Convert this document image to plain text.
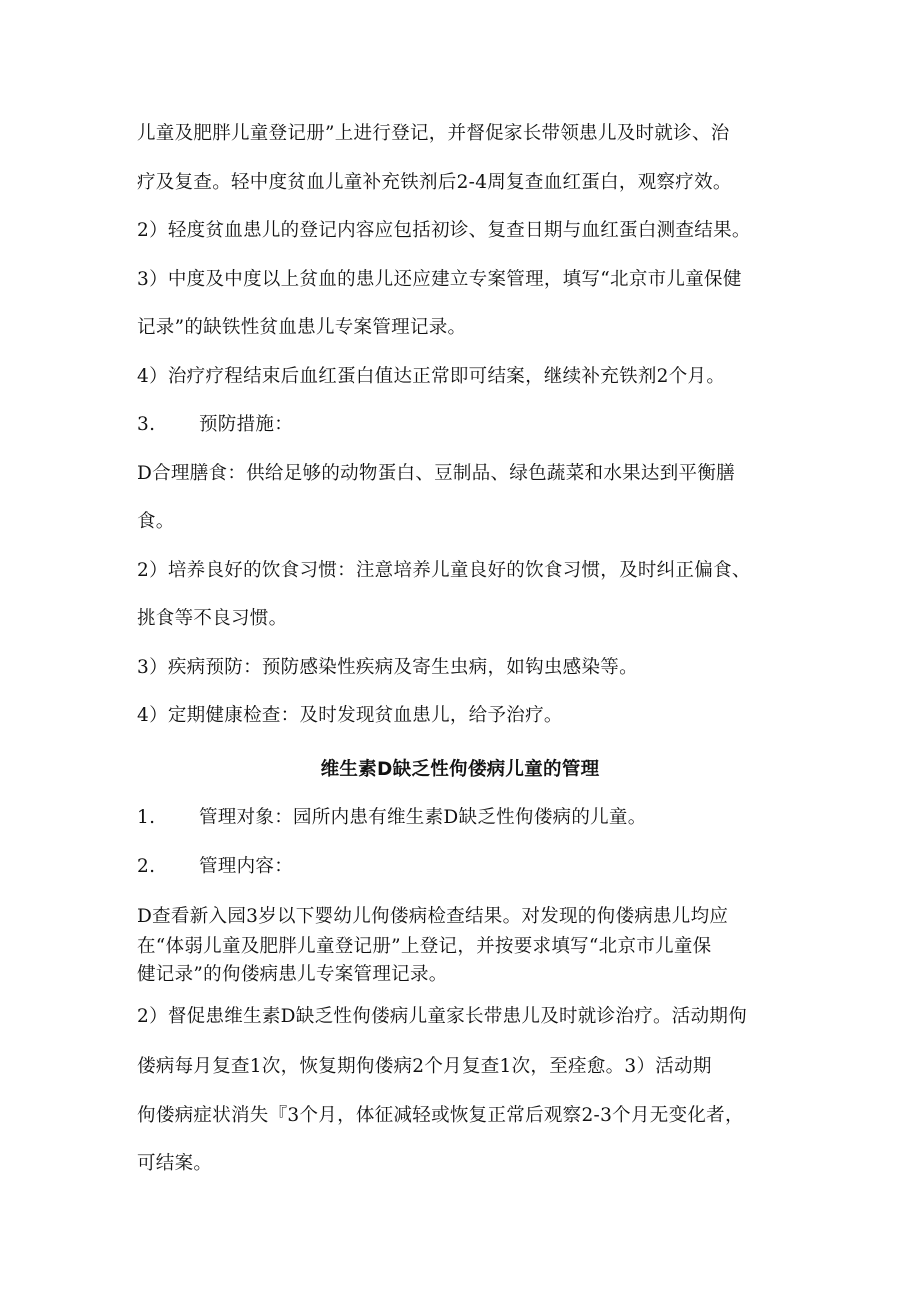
儿童及肥胖儿童登记册”上进行登记，并督促家长带领患儿及时就诊、治
疗及复查。轻中度贫血儿童补充铁剂后2-4周复查血红蛋白，观察疗效。
2）轻度贫血患儿的登记内容应包括初诊、复查日期与血红蛋白测查结果。
3）中度及中度以上贫血的患儿还应建立专案管理，填写“北京市儿童保健
记录”的缺铁性贫血患儿专案管理记录。
4）治疗疗程结束后血红蛋白值达正常即可结案，继续补充铁剂2个月。
3. 预防措施：
D合理膳食：供给足够的动物蛋白、豆制品、绿色蔬菜和水果达到平衡膳
食。
2）培养良好的饮食习惯：注意培养儿童良好的饮食习惯，及时纠正偏食、
挑食等不良习惯。
3）疾病预防：预防感染性疾病及寄生虫病，如钩虫感染等。
4）定期健康检查：及时发现贫血患儿，给予治疗。
维生素D缺乏性佝偻病儿童的管理
1. 管理对象：园所内患有维生素D缺乏性佝偻病的儿童。
2. 管理内容：
D查看新入园3岁以下婴幼儿佝偻病检查结果。对发现的佝偻病患儿均应
在“体弱儿童及肥胖儿童登记册”上登记，并按要求填写“北京市儿童保
健记录”的佝偻病患儿专案管理记录。
2）督促患维生素D缺乏性佝偻病儿童家长带患儿及时就诊治疗。活动期佝
偻病每月复查1次，恢复期佝偻病2个月复查1次，至痊愈。3）活动期
佝偻病症状消失『3个月，体征减轻或恢复正常后观察2-3个月无变化者，
可结案。
